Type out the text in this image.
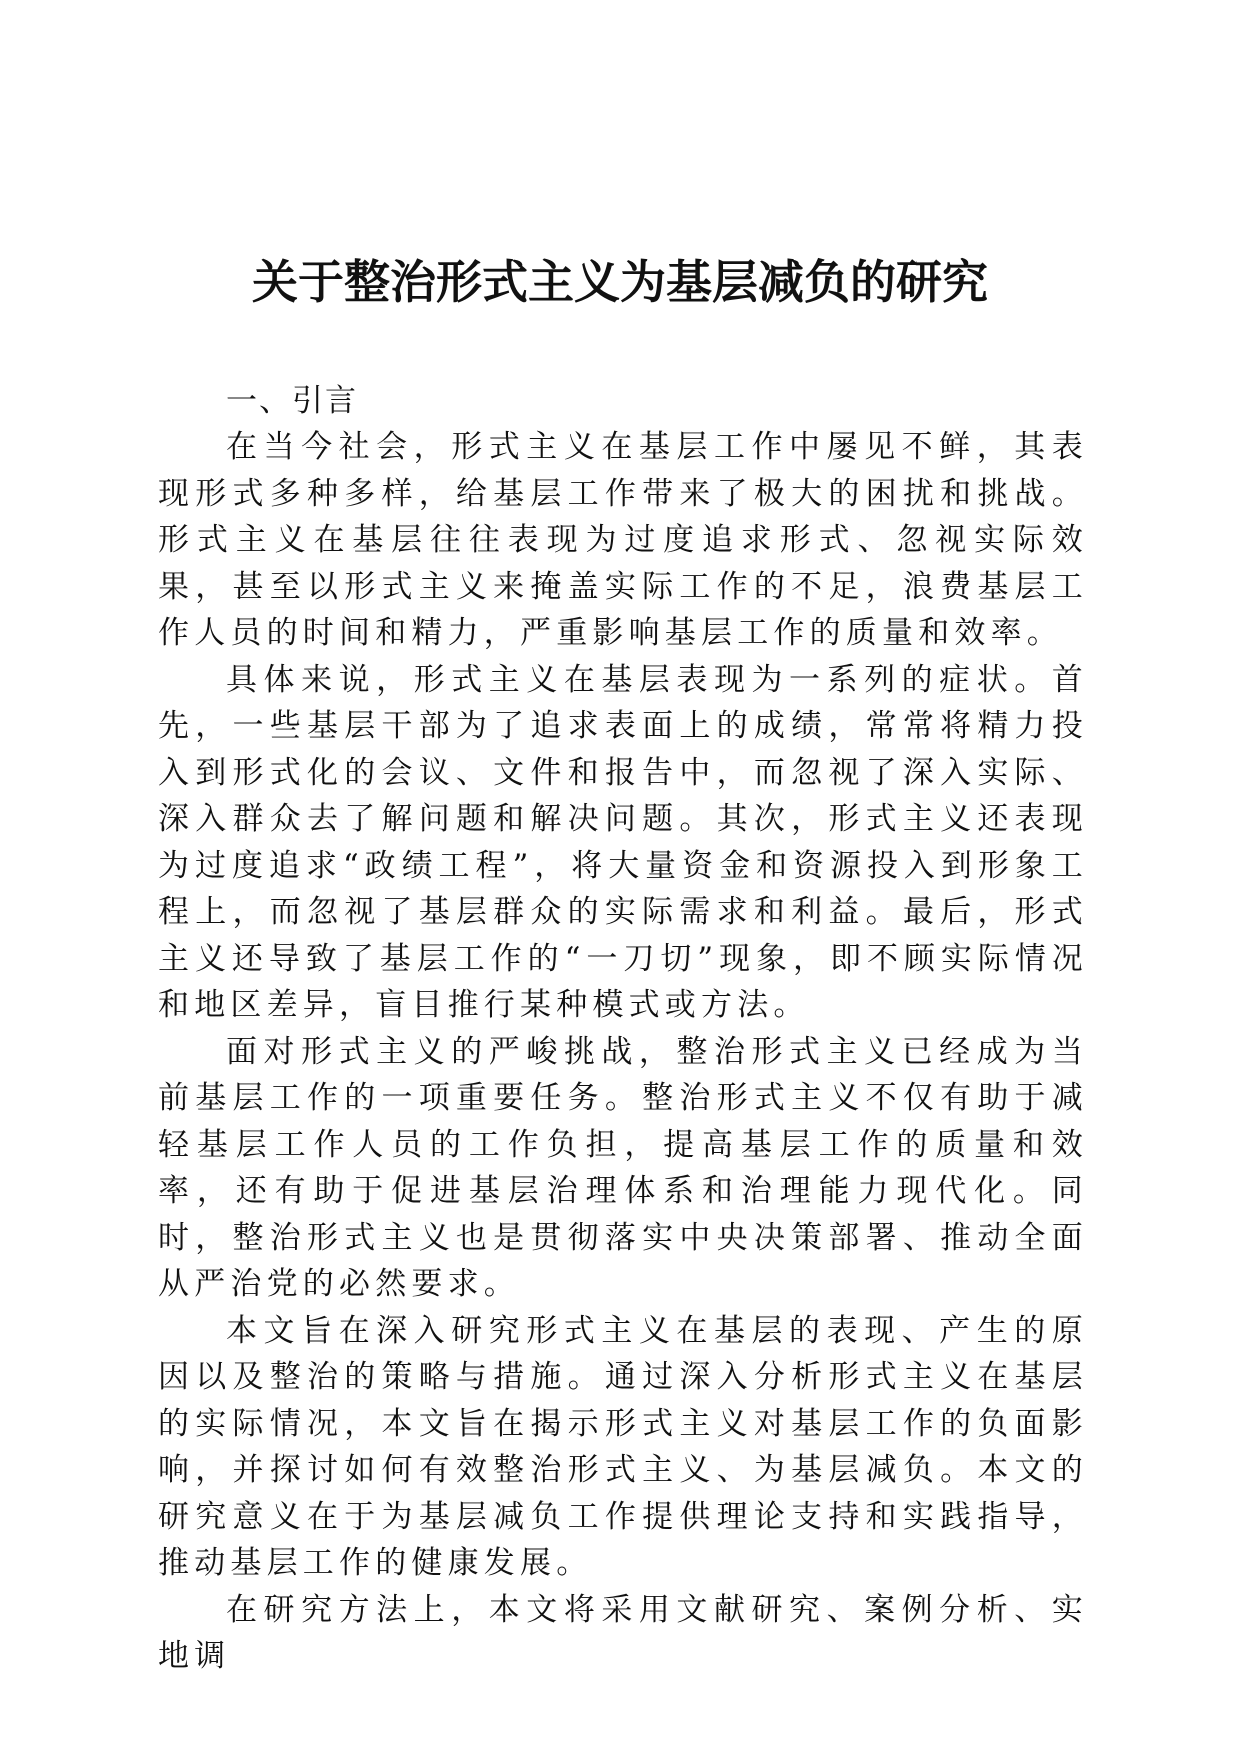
关于整治形式主义为基层减负的研究
一、引言

在当今社会，形式主义在基层工作中屡见不鲜，其表现形式多种多样，给基层工作带来了极大的困扰和挑战。形式主义在基层往往表现为过度追求形式、忽视实际效果，甚至以形式主义来掩盖实际工作的不足，浪费基层工作人员的时间和精力，严重影响基层工作的质量和效率。

具体来说，形式主义在基层表现为一系列的症状。首先，一些基层干部为了追求表面上的成绩，常常将精力投入到形式化的会议、文件和报告中，而忽视了深入实际、深入群众去了解问题和解决问题。其次，形式主义还表现为过度追求“政绩工程”，将大量资金和资源投入到形象工程上，而忽视了基层群众的实际需求和利益。最后，形式主义还导致了基层工作的“一刀切”现象，即不顾实际情况和地区差异，盲目推行某种模式或方法。

面对形式主义的严峻挑战，整治形式主义已经成为当前基层工作的一项重要任务。整治形式主义不仅有助于减轻基层工作人员的工作负担，提高基层工作的质量和效率，还有助于促进基层治理体系和治理能力现代化。同时，整治形式主义也是贯彻落实中央决策部署、推动全面从严治党的必然要求。

本文旨在深入研究形式主义在基层的表现、产生的原因以及整治的策略与措施。通过深入分析形式主义在基层的实际情况，本文旨在揭示形式主义对基层工作的负面影响，并探讨如何有效整治形式主义、为基层减负。本文的研究意义在于为基层减负工作提供理论支持和实践指导，推动基层工作的健康发展。

在研究方法上，本文将采用文献研究、案例分析、实地调
